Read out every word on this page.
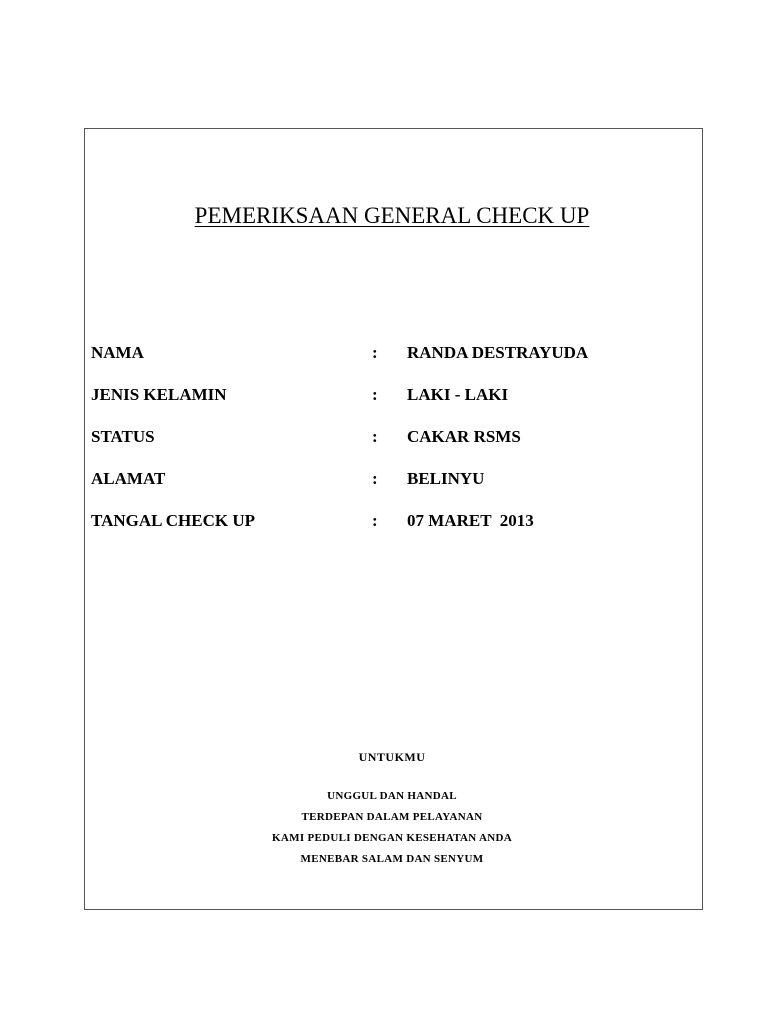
PEMERIKSAAN GENERAL CHECK UP
NAMA	: RANDA DESTRAYUDA
JENIS KELAMIN	: LAKI - LAKI
STATUS	: CAKAR RSMS
ALAMAT	: BELINYU
TANGAL CHECK UP	: 07 MARET  2013
UNTUKMU
UNGGUL DAN HANDAL
TERDEPAN DALAM PELAYANAN
KAMI PEDULI DENGAN KESEHATAN ANDA
MENEBAR SALAM DAN SENYUM
